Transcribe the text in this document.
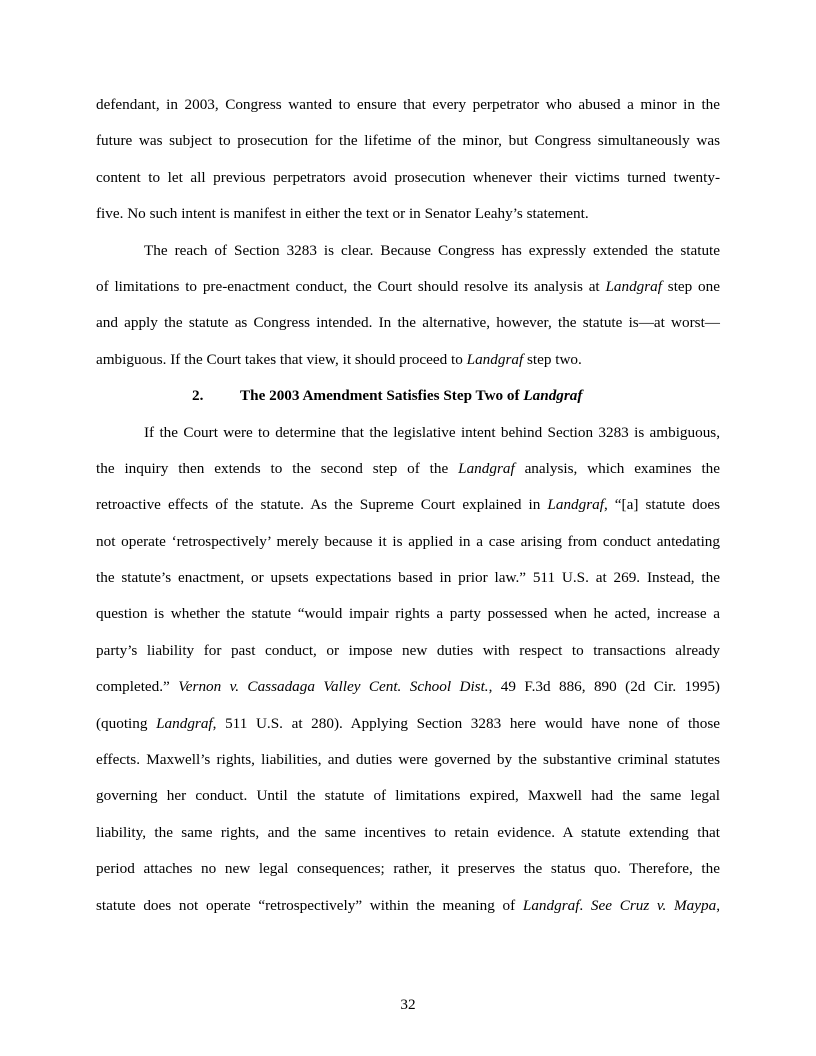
defendant, in 2003, Congress wanted to ensure that every perpetrator who abused a minor in the
future was subject to prosecution for the lifetime of the minor, but Congress simultaneously was
content to let all previous perpetrators avoid prosecution whenever their victims turned twenty-
five. No such intent is manifest in either the text or in Senator Leahy’s statement.
The reach of Section 3283 is clear. Because Congress has expressly extended the statute
of limitations to pre-enactment conduct, the Court should resolve its analysis at Landgraf step one
and apply the statute as Congress intended. In the alternative, however, the statute is—at worst—
ambiguous. If the Court takes that view, it should proceed to Landgraf step two.
2. The 2003 Amendment Satisfies Step Two of Landgraf
If the Court were to determine that the legislative intent behind Section 3283 is ambiguous,
the inquiry then extends to the second step of the Landgraf analysis, which examines the
retroactive effects of the statute. As the Supreme Court explained in Landgraf, “[a] statute does
not operate ‘retrospectively’ merely because it is applied in a case arising from conduct antedating
the statute’s enactment, or upsets expectations based in prior law.” 511 U.S. at 269. Instead, the
question is whether the statute “would impair rights a party possessed when he acted, increase a
party’s liability for past conduct, or impose new duties with respect to transactions already
completed.” Vernon v. Cassadaga Valley Cent. School Dist., 49 F.3d 886, 890 (2d Cir. 1995)
(quoting Landgraf, 511 U.S. at 280). Applying Section 3283 here would have none of those
effects. Maxwell’s rights, liabilities, and duties were governed by the substantive criminal statutes
governing her conduct. Until the statute of limitations expired, Maxwell had the same legal
liability, the same rights, and the same incentives to retain evidence. A statute extending that
period attaches no new legal consequences; rather, it preserves the status quo. Therefore, the
statute does not operate “retrospectively” within the meaning of Landgraf. See Cruz v. Maypa,
32
